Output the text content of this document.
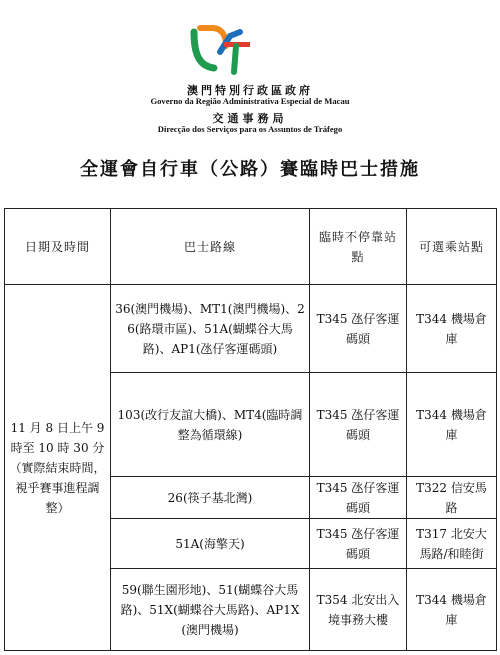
澳門特別行政區政府
Governo da Região Administrativa Especial de Macau
交通事務局
Direcção dos Serviços para os Assuntos de Tráfego
全運會自行車（公路）賽臨時巴士措施
日期及時間	巴士路線	臨時不停靠站點	可選乘站點
11 月 8 日上午 9 時至 10 時 30 分（實際結束時間，視乎賽事進程調整）	36(澳門機場)、MT1(澳門機場)、26(路環市區)、51A(蝴蝶谷大馬路)、AP1(氹仔客運碼頭)	T345 氹仔客運碼頭	T344 機場倉庫
	103(改行友誼大橋)、MT4(臨時調整為循環線)	T345 氹仔客運碼頭	T344 機場倉庫
	26(筷子基北灣)	T345 氹仔客運碼頭	T322 信安馬路
	51A(海擎天)	T345 氹仔客運碼頭	T317 北安大馬路/和睦街
	59(聯生園形地)、51(蝴蝶谷大馬路)、51X(蝴蝶谷大馬路)、AP1X(澳門機場)	T354 北安出入境事務大樓	T344 機場倉庫
